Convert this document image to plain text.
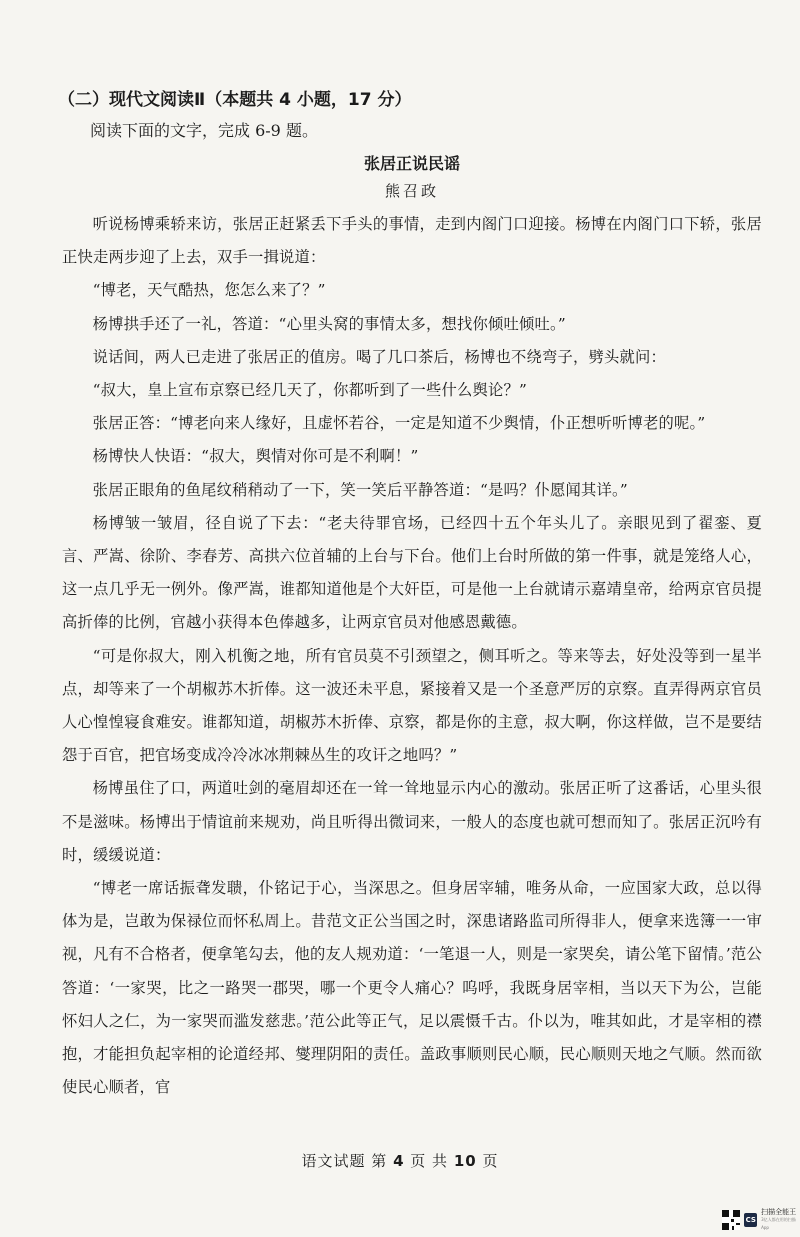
（二）现代文阅读Ⅱ（本题共 4 小题，17 分）
阅读下面的文字，完成 6-9 题。
张居正说民谣
熊召政

听说杨博乘轿来访，张居正赶紧丢下手头的事情，走到内阁门口迎接。杨博在内阁门口下轿，张居正快走两步迎了上去，双手一揖说道：

“博老，天气酷热，您怎么来了？”

杨博拱手还了一礼，答道：“心里头窝的事情太多，想找你倾吐倾吐。”

说话间，两人已走进了张居正的值房。喝了几口茶后，杨博也不绕弯子，劈头就问：

“叔大，皇上宣布京察已经几天了，你都听到了一些什么舆论？”

张居正答：“博老向来人缘好，且虚怀若谷，一定是知道不少舆情，仆正想听听博老的呢。”

杨博快人快语：“叔大，舆情对你可是不利啊！”

张居正眼角的鱼尾纹稍稍动了一下，笑一笑后平静答道：“是吗？仆愿闻其详。”

杨博皱一皱眉，径自说了下去：“老夫待罪官场，已经四十五个年头儿了。亲眼见到了翟銮、夏言、严嵩、徐阶、李春芳、高拱六位首辅的上台与下台。他们上台时所做的第一件事，就是笼络人心，这一点几乎无一例外。像严嵩，谁都知道他是个大奸臣，可是他一上台就请示嘉靖皇帝，给两京官员提高折俸的比例，官越小获得本色俸越多，让两京官员对他感恩戴德。

“可是你叔大，刚入机衡之地，所有官员莫不引颈望之，侧耳听之。等来等去，好处没等到一星半点，却等来了一个胡椒苏木折俸。这一波还未平息，紧接着又是一个圣意严厉的京察。直弄得两京官员人心惶惶寝食难安。谁都知道，胡椒苏木折俸、京察，都是你的主意，叔大啊，你这样做，岂不是要结怨于百官，把官场变成冷冷冰冰荆棘丛生的攻讦之地吗？”

杨博虽住了口，两道吐剑的毫眉却还在一耸一耸地显示内心的激动。张居正听了这番话，心里头很不是滋味。杨博出于情谊前来规劝，尚且听得出微词来，一般人的态度也就可想而知了。张居正沉吟有时，缓缓说道：

“博老一席话振聋发聩，仆铭记于心，当深思之。但身居宰辅，唯务从命，一应国家大政，总以得体为是，岂敢为保禄位而怀私周上。昔范文正公当国之时，深患诸路监司所得非人，便拿来选簿一一审视，凡有不合格者，便拿笔勾去，他的友人规劝道：‘一笔退一人，则是一家哭矣，请公笔下留情。’范公答道：‘一家哭，比之一路哭一郡哭，哪一个更令人痛心？呜呼，我既身居宰相，当以天下为公，岂能怀妇人之仁，为一家哭而滥发慈悲。’范公此等正气，足以震慑千古。仆以为，唯其如此，才是宰相的襟抱，才能担负起宰相的论道经邦、燮理阴阳的责任。盖政事顺则民心顺，民心顺则天地之气顺。然而欲使民心顺者，官

语文试题 第 4 页 共 10 页
CS
扫描全能王
3亿人都在用的扫描App
